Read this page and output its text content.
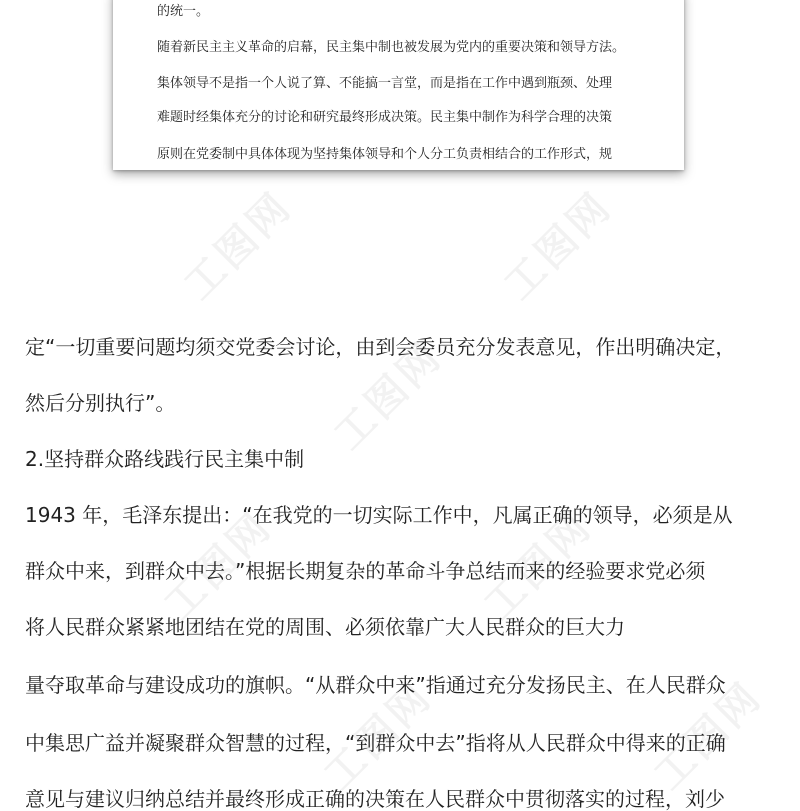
工图网	工图网
工图网
工图网	工图网
工图网	工图网
的统一。
随着新民主主义革命的启幕，民主集中制也被发展为党内的重要决策和领导方法。
集体领导不是指一个人说了算、不能搞一言堂，而是指在工作中遇到瓶颈、处理
难题时经集体充分的讨论和研究最终形成决策。民主集中制作为科学合理的决策
原则在党委制中具体体现为坚持集体领导和个人分工负责相结合的工作形式，规
定“一切重要问题均须交党委会讨论，由到会委员充分发表意见，作出明确决定，
然后分别执行”。
2.坚持群众路线践行民主集中制
1943 年，毛泽东提出：“在我党的一切实际工作中，凡属正确的领导，必须是从
群众中来，到群众中去。”根据长期复杂的革命斗争总结而来的经验要求党必须
将人民群众紧紧地团结在党的周围、必须依靠广大人民群众的巨大力
量夺取革命与建设成功的旗帜。“从群众中来”指通过充分发扬民主、在人民群众
中集思广益并凝聚群众智慧的过程，“到群众中去”指将从人民群众中得来的正确
意见与建议归纳总结并最终形成正确的决策在人民群众中贯彻落实的过程，刘少
